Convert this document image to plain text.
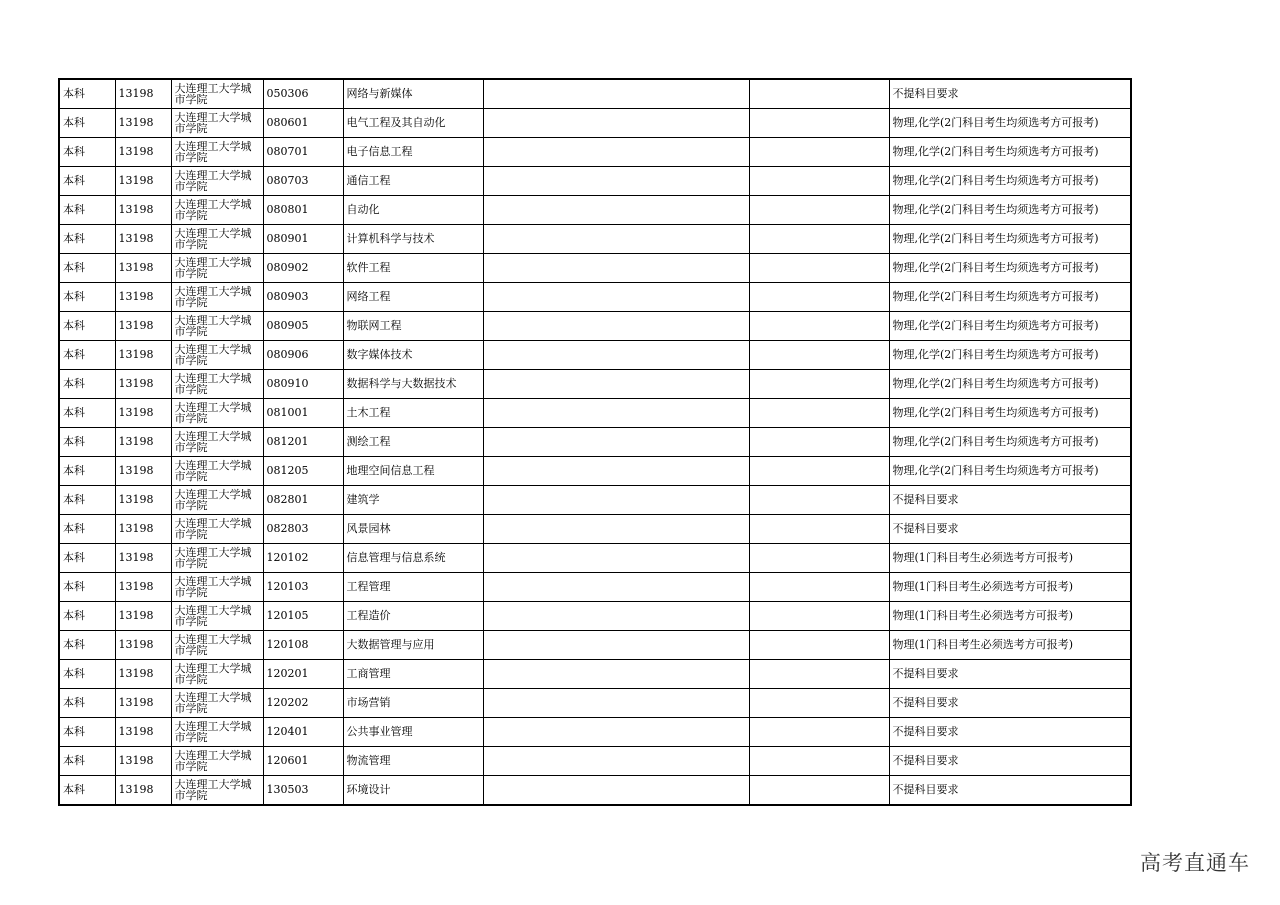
本科	13198	大连理工大学城市学院	050306	网络与新媒体			不提科目要求
本科	13198	大连理工大学城市学院	080601	电气工程及其自动化			物理,化学(2门科目考生均须选考方可报考)
本科	13198	大连理工大学城市学院	080701	电子信息工程			物理,化学(2门科目考生均须选考方可报考)
本科	13198	大连理工大学城市学院	080703	通信工程			物理,化学(2门科目考生均须选考方可报考)
本科	13198	大连理工大学城市学院	080801	自动化			物理,化学(2门科目考生均须选考方可报考)
本科	13198	大连理工大学城市学院	080901	计算机科学与技术			物理,化学(2门科目考生均须选考方可报考)
本科	13198	大连理工大学城市学院	080902	软件工程			物理,化学(2门科目考生均须选考方可报考)
本科	13198	大连理工大学城市学院	080903	网络工程			物理,化学(2门科目考生均须选考方可报考)
本科	13198	大连理工大学城市学院	080905	物联网工程			物理,化学(2门科目考生均须选考方可报考)
本科	13198	大连理工大学城市学院	080906	数字媒体技术			物理,化学(2门科目考生均须选考方可报考)
本科	13198	大连理工大学城市学院	080910	数据科学与大数据技术			物理,化学(2门科目考生均须选考方可报考)
本科	13198	大连理工大学城市学院	081001	土木工程			物理,化学(2门科目考生均须选考方可报考)
本科	13198	大连理工大学城市学院	081201	测绘工程			物理,化学(2门科目考生均须选考方可报考)
本科	13198	大连理工大学城市学院	081205	地理空间信息工程			物理,化学(2门科目考生均须选考方可报考)
本科	13198	大连理工大学城市学院	082801	建筑学			不提科目要求
本科	13198	大连理工大学城市学院	082803	风景园林			不提科目要求
本科	13198	大连理工大学城市学院	120102	信息管理与信息系统			物理(1门科目考生必须选考方可报考)
本科	13198	大连理工大学城市学院	120103	工程管理			物理(1门科目考生必须选考方可报考)
本科	13198	大连理工大学城市学院	120105	工程造价			物理(1门科目考生必须选考方可报考)
本科	13198	大连理工大学城市学院	120108	大数据管理与应用			物理(1门科目考生必须选考方可报考)
本科	13198	大连理工大学城市学院	120201	工商管理			不提科目要求
本科	13198	大连理工大学城市学院	120202	市场营销			不提科目要求
本科	13198	大连理工大学城市学院	120401	公共事业管理			不提科目要求
本科	13198	大连理工大学城市学院	120601	物流管理			不提科目要求
本科	13198	大连理工大学城市学院	130503	环境设计			不提科目要求
高考直通车
